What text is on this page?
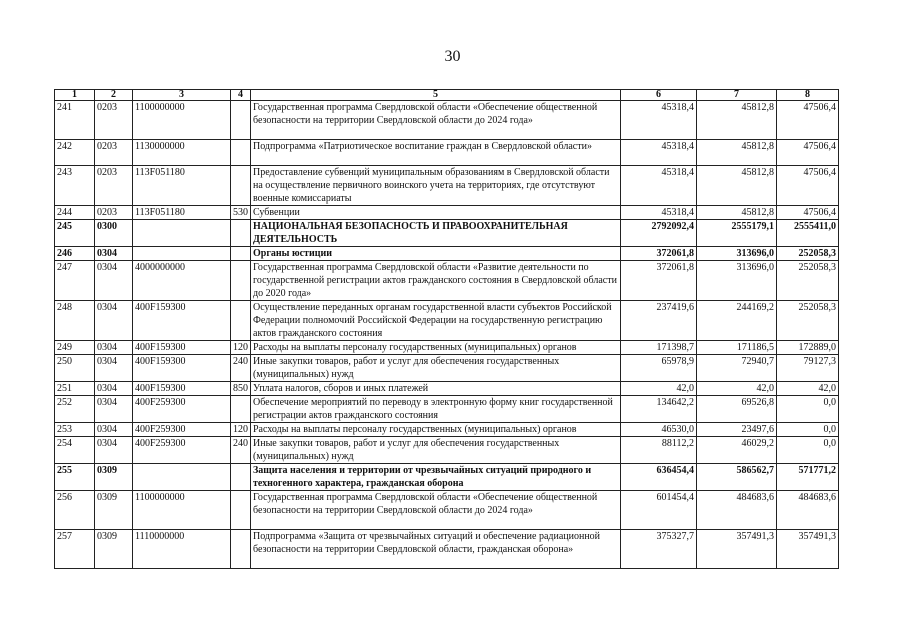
30
1	2	3	4	5	6	7	8
241	0203	1100000000		Государственная программа Свердловской области «Обеспечение общественной безопасности на территории Свердловской области до 2024 года»	45318,4	45812,8	47506,4
242	0203	1130000000		Подпрограмма «Патриотическое воспитание граждан в Свердловской области»	45318,4	45812,8	47506,4
243	0203	113F051180		Предоставление субвенций муниципальным образованиям в Свердловской области на осуществление первичного воинского учета на территориях, где отсутствуют военные комиссариаты	45318,4	45812,8	47506,4
244	0203	113F051180	530	Субвенции	45318,4	45812,8	47506,4
245	0300			НАЦИОНАЛЬНАЯ БЕЗОПАСНОСТЬ И ПРАВООХРАНИТЕЛЬНАЯ ДЕЯТЕЛЬНОСТЬ	2792092,4	2555179,1	2555411,0
246	0304			Органы юстиции	372061,8	313696,0	252058,3
247	0304	4000000000		Государственная программа Свердловской области «Развитие деятельности по государственной регистрации актов гражданского состояния в Свердловской области до 2020 года»	372061,8	313696,0	252058,3
248	0304	400F159300		Осуществление переданных органам государственной власти субъектов Российской Федерации полномочий Российской Федерации на государственную регистрацию актов гражданского состояния	237419,6	244169,2	252058,3
249	0304	400F159300	120	Расходы на выплаты персоналу государственных (муниципальных) органов	171398,7	171186,5	172889,0
250	0304	400F159300	240	Иные закупки товаров, работ и услуг для обеспечения государственных (муниципальных) нужд	65978,9	72940,7	79127,3
251	0304	400F159300	850	Уплата налогов, сборов и иных платежей	42,0	42,0	42,0
252	0304	400F259300		Обеспечение мероприятий по переводу в электронную форму книг государственной регистрации актов гражданского состояния	134642,2	69526,8	0,0
253	0304	400F259300	120	Расходы на выплаты персоналу государственных (муниципальных) органов	46530,0	23497,6	0,0
254	0304	400F259300	240	Иные закупки товаров, работ и услуг для обеспечения государственных (муниципальных) нужд	88112,2	46029,2	0,0
255	0309			Защита населения и территории от чрезвычайных ситуаций природного и техногенного характера, гражданская оборона	636454,4	586562,7	571771,2
256	0309	1100000000		Государственная программа Свердловской области «Обеспечение общественной безопасности на территории Свердловской области до 2024 года»	601454,4	484683,6	484683,6
257	0309	1110000000		Подпрограмма «Защита от чрезвычайных ситуаций и обеспечение радиационной безопасности на территории Свердловской области, гражданская оборона»	375327,7	357491,3	357491,3
